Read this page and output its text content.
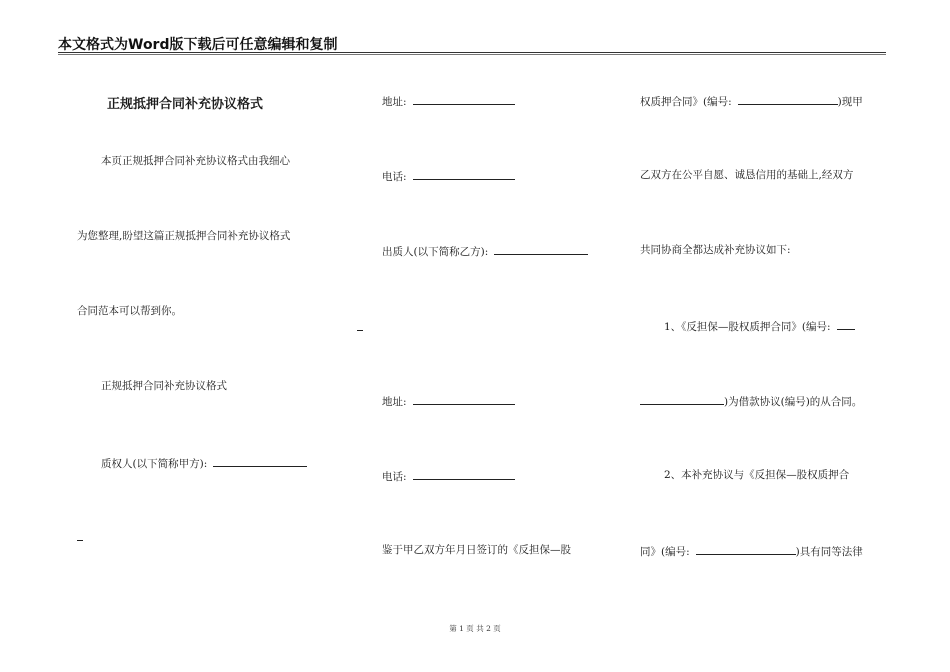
本文格式为Word版下载后可任意编辑和复制
正规抵押合同补充协议格式
本页正规抵押合同补充协议格式由我细心
为您整理,盼望这篇正规抵押合同补充协议格式
合同范本可以帮到你。
正规抵押合同补充协议格式
质权人(以下简称甲方):
地址:
电话:
出质人(以下简称乙方):
地址:
电话:
鉴于甲乙双方年月日签订的《反担保—股
权质押合同》(编号:	)现甲
乙双方在公平自愿、诚恳信用的基础上,经双方
共同协商全都达成补充协议如下:
1、《反担保—股权质押合同》(编号:
)为借款协议(编号)的从合同。
2、本补充协议与《反担保—股权质押合
同》(编号:	)具有同等法律
第 1 页 共 2 页
